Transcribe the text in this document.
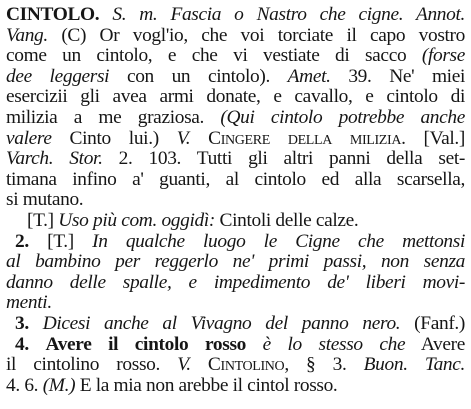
CINTOLO. S. m. Fascia o Nastro che cigne. Annot.
Vang. (C) Or vogl'io, che voi torciate il capo vostro
come un cintolo, e che vi vestiate di sacco (forse
dee leggersi con un cintolo). Amet. 39. Ne' miei
esercizii gli avea armi donate, e cavallo, e cintolo di
milizia a me graziosa. (Qui cintolo potrebbe anche
valere Cinto lui.) V. Cingere della milizia. [Val.]
Varch. Stor. 2. 103. Tutti gli altri panni della set-
timana infino a' guanti, al cintolo ed alla scarsella,
si mutano.
[T.] Uso più com. oggidì: Cintoli delle calze.
2. [T.] In qualche luogo le Cigne che mettonsi
al bambino per reggerlo ne' primi passi, non senza
danno delle spalle, e impedimento de' liberi movi-
menti.
3. Dicesi anche al Vivagno del panno nero. (Fanf.)
4. Avere il cintolo rosso è lo stesso che Avere
il cintolino rosso. V. Cintolino, § 3. Buon. Tanc.
4. 6. (M.) E la mia non arebbe il cintol rosso.
